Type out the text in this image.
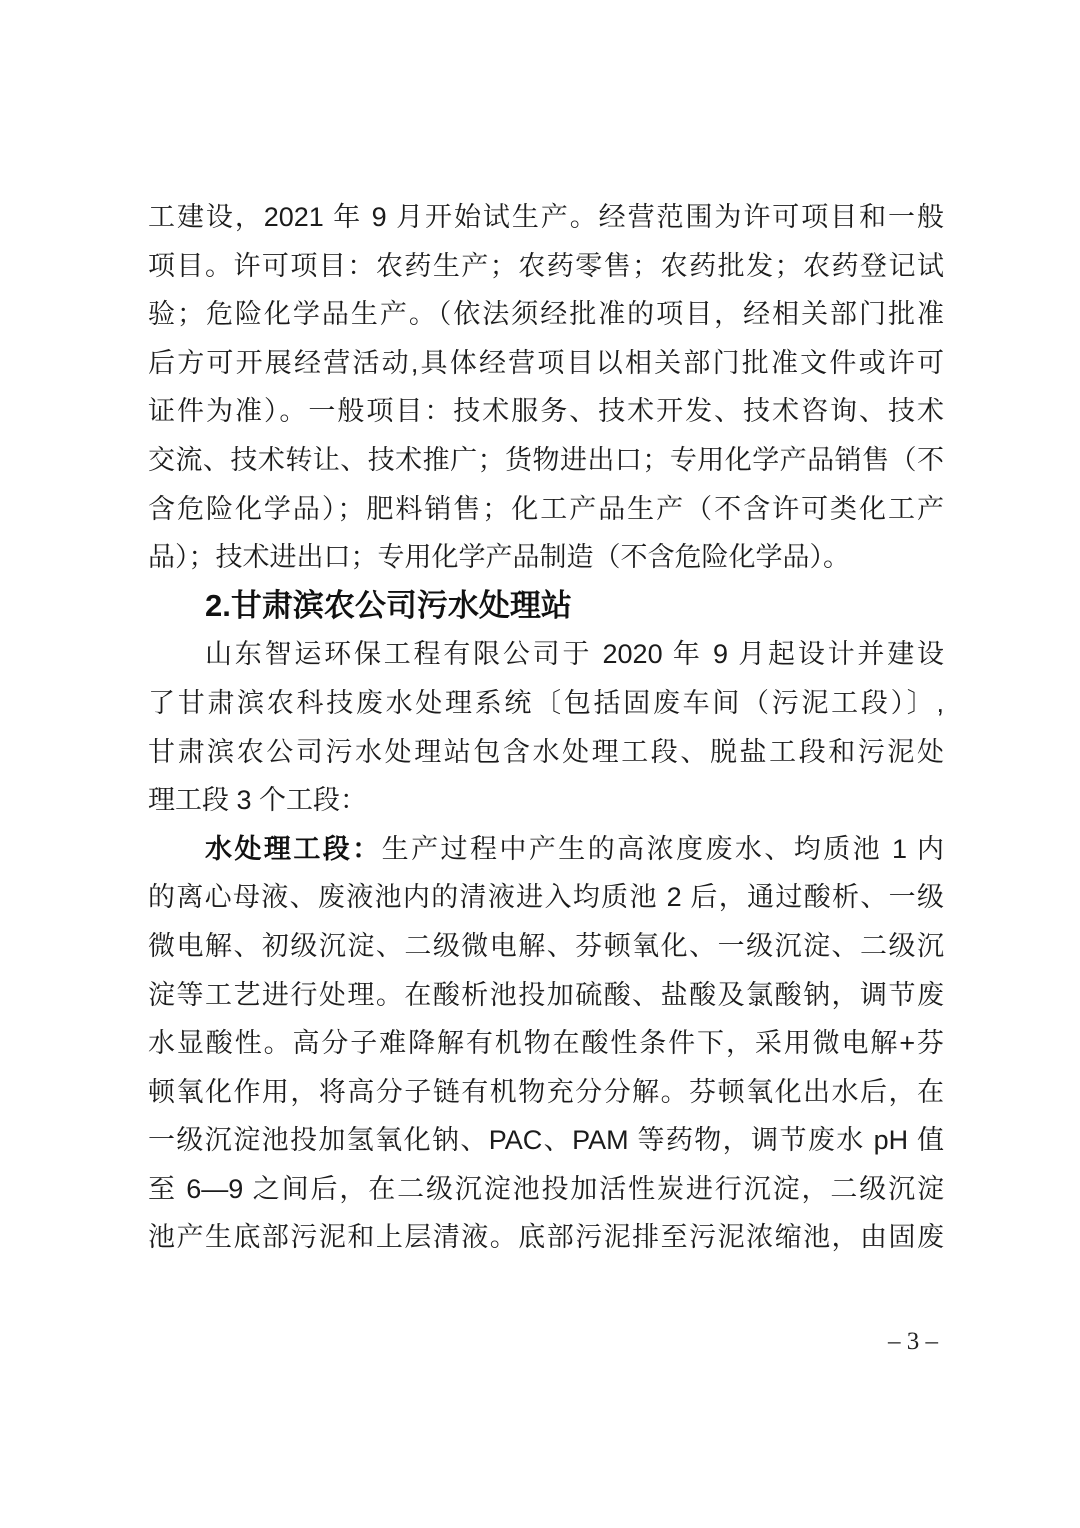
工建设，2021 年 9 月开始试生产。经营范围为许可项目和一般

项目。许可项目：农药生产；农药零售；农药批发；农药登记试

验；危险化学品生产。（依法须经批准的项目，经相关部门批准

后方可开展经营活动,具体经营项目以相关部门批准文件或许可

证件为准）。一般项目：技术服务、技术开发、技术咨询、技术

交流、技术转让、技术推广；货物进出口；专用化学产品销售（不

含危险化学品）；肥料销售；化工产品生产（不含许可类化工产

品）；技术进出口；专用化学产品制造（不含危险化学品）。

2.甘肃滨农公司污水处理站

山东智运环保工程有限公司于 2020 年 9 月起设计并建设

了甘肃滨农科技废水处理系统〔包括固废车间（污泥工段）〕,

甘肃滨农公司污水处理站包含水处理工段、脱盐工段和污泥处

理工段 3 个工段：

水处理工段：生产过程中产生的高浓度废水、均质池 1 内

的离心母液、废液池内的清液进入均质池 2 后，通过酸析、一级

微电解、初级沉淀、二级微电解、芬顿氧化、一级沉淀、二级沉

淀等工艺进行处理。在酸析池投加硫酸、盐酸及氯酸钠，调节废

水显酸性。高分子难降解有机物在酸性条件下，采用微电解+芬

顿氧化作用，将高分子链有机物充分分解。芬顿氧化出水后，在

一级沉淀池投加氢氧化钠、PAC、PAM 等药物，调节废水 pH 值

至 6—9 之间后，在二级沉淀池投加活性炭进行沉淀，二级沉淀

池产生底部污泥和上层清液。底部污泥排至污泥浓缩池，由固废

– 3 –
